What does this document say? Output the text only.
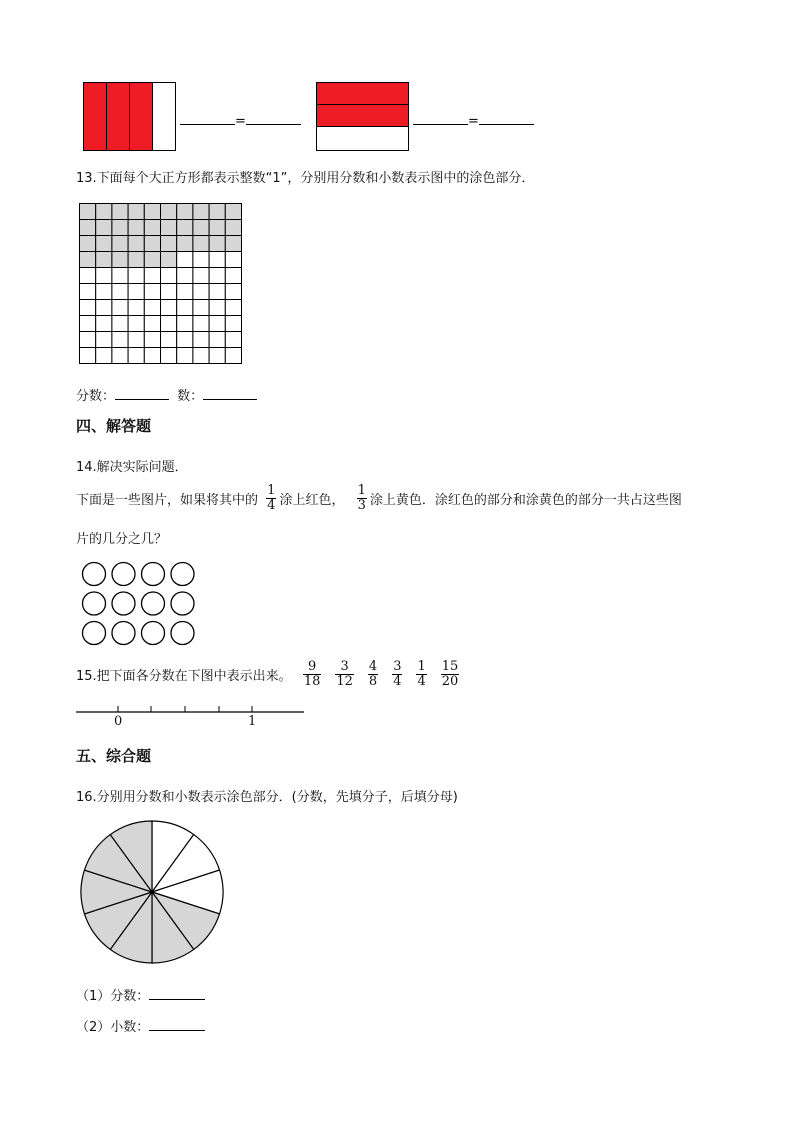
=	=
13.下面每个大正方形都表示整数“1”，分别用分数和小数表示图中的涂色部分．
分数：	数：
四、解答题
14.解决实际问题．
下面是一些图片，如果将其中的 $\frac{1}{4}$ 涂上红色， $\frac{1}{3}$ 涂上黄色．涂红色的部分和涂黄色的部分一共占这些图
片的几分之几？
15.把下面各分数在下图中表示出来。 $\frac{9}{18} \frac{3}{12} \frac{4}{8} \frac{3}{4} \frac{1}{4} \frac{15}{20}$
0	1
五、综合题
16.分别用分数和小数表示涂色部分．(分数，先填分子，后填分母)
（1）分数：
（2）小数：
